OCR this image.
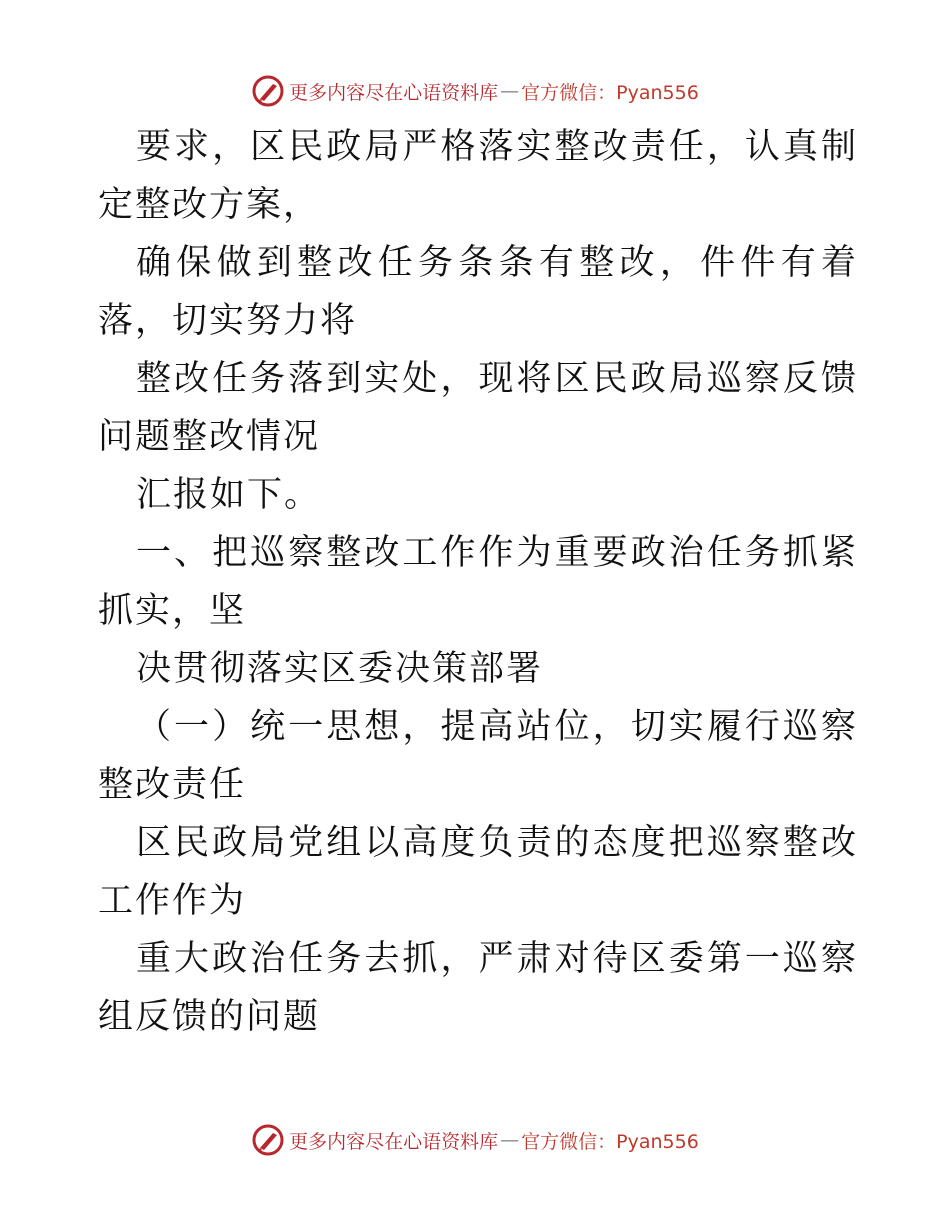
更多内容尽在心语资料库 — 官方微信：Pyan556

要求，区民政局严格落实整改责任，认真制定整改方案，

确保做到整改任务条条有整改，件件有着落，切实努力将

整改任务落到实处，现将区民政局巡察反馈问题整改情况

汇报如下。

一、把巡察整改工作作为重要政治任务抓紧抓实，坚

决贯彻落实区委决策部署

（一）统一思想，提高站位，切实履行巡察整改责任

区民政局党组以高度负责的态度把巡察整改工作作为

重大政治任务去抓，严肃对待区委第一巡察组反馈的问题

更多内容尽在心语资料库 — 官方微信：Pyan556
